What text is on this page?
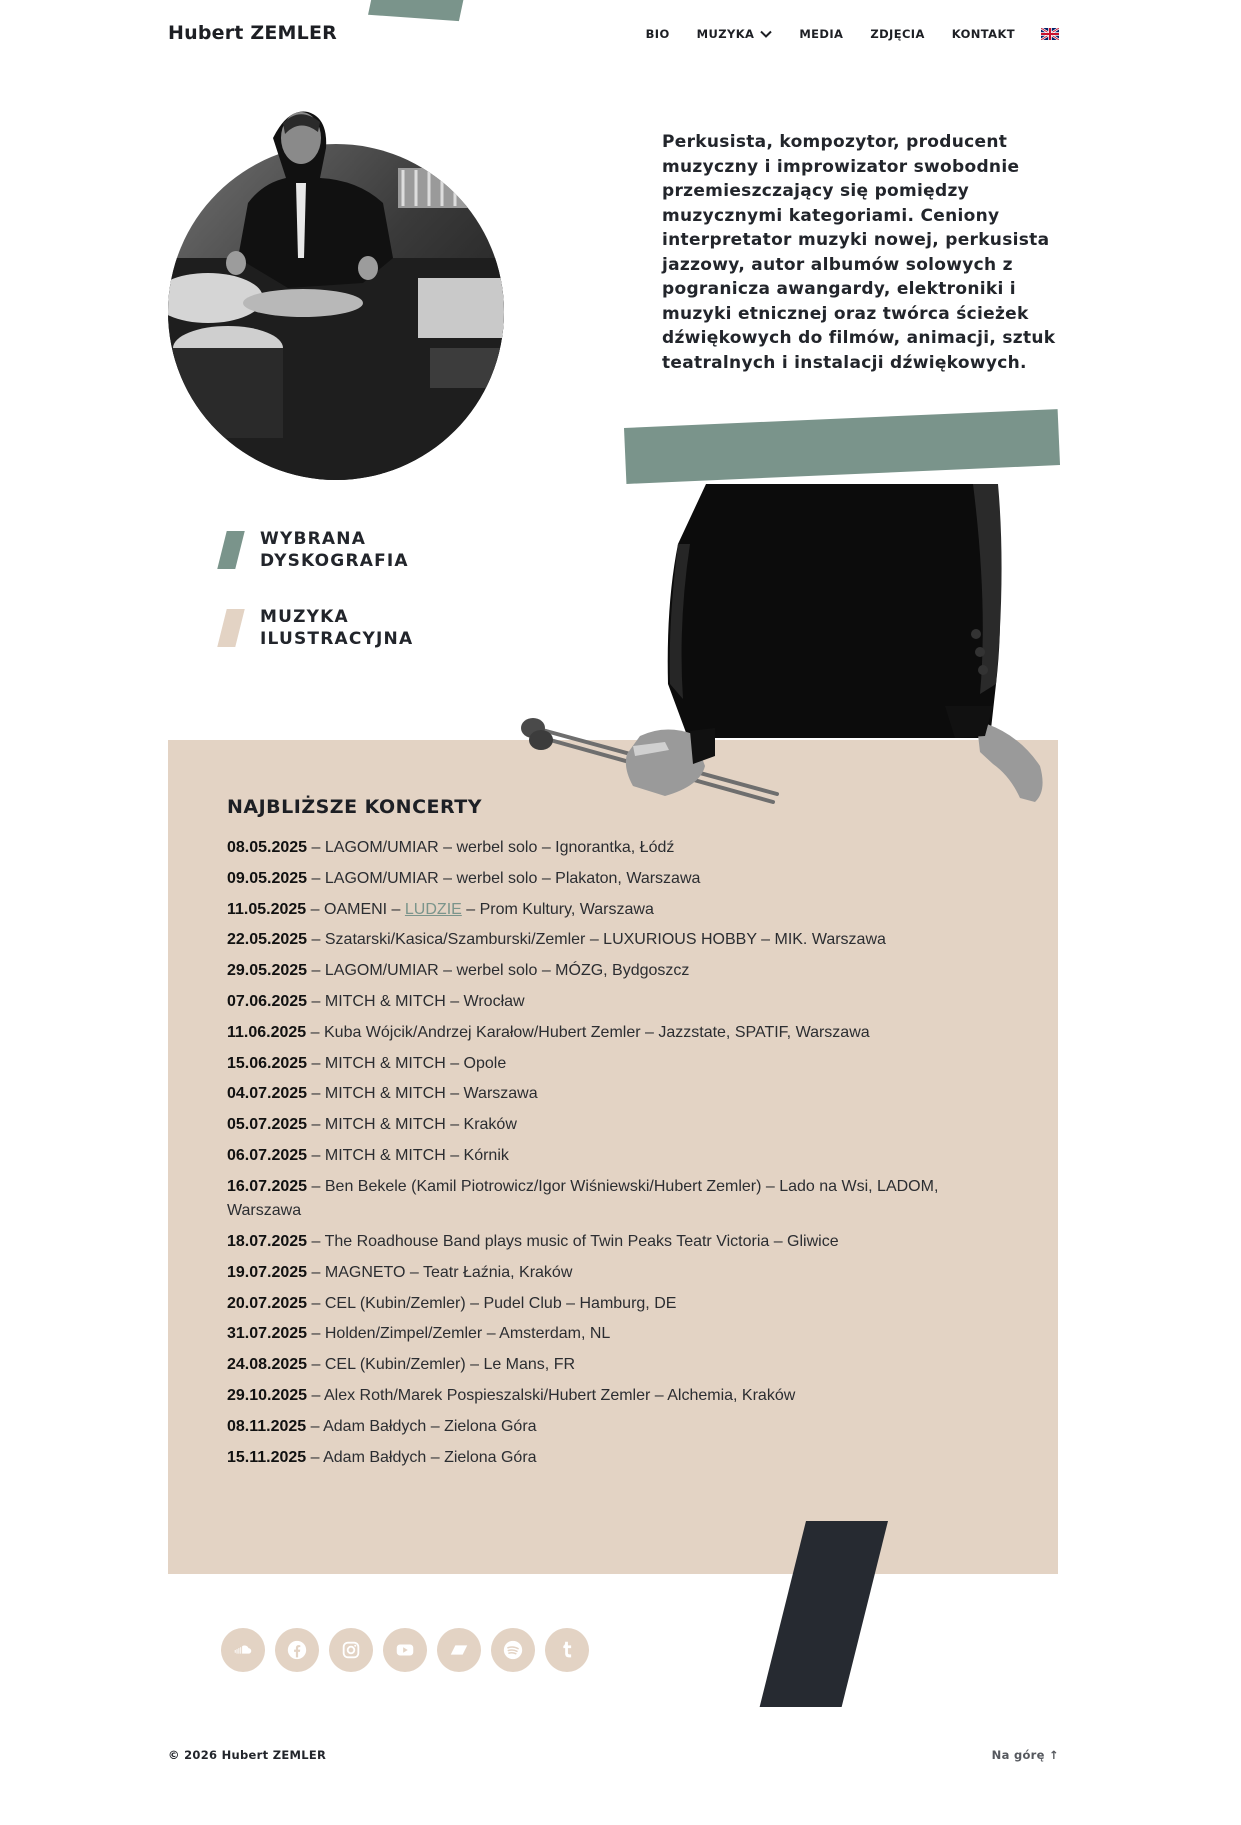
Hubert ZEMLER	BIO MUZYKA	MEDIA ZDJĘCIA KONTAKT

Perkusista, kompozytor, producent muzyczny i improwizator swobodnie przemieszczający się pomiędzy muzycznymi kategoriami. Ceniony interpretator muzyki nowej, perkusista jazzowy, autor albumów solowych z pogranicza awangardy, elektroniki i muzyki etnicznej oraz twórca ścieżek dźwiękowych do filmów, animacji, sztuk teatralnych i instalacji dźwiękowych.

WYBRANA
DYSKOGRAFIA
MUZYKA
ILUSTRACYJNA
NAJBLIŻSZE KONCERTY
08.05.2025 – LAGOM/UMIAR – werbel solo – Ignorantka, Łódź
09.05.2025 – LAGOM/UMIAR – werbel solo – Plakaton, Warszawa
11.05.2025 – OAMENI – LUDZIE – Prom Kultury, Warszawa
22.05.2025 – Szatarski/Kasica/Szamburski/Zemler – LUXURIOUS HOBBY – MIK. Warszawa
29.05.2025 – LAGOM/UMIAR – werbel solo – MÓZG, Bydgoszcz
07.06.2025 – MITCH & MITCH – Wrocław
11.06.2025 – Kuba Wójcik/Andrzej Karałow/Hubert Zemler – Jazzstate, SPATIF, Warszawa
15.06.2025 – MITCH & MITCH – Opole
04.07.2025 – MITCH & MITCH – Warszawa
05.07.2025 – MITCH & MITCH – Kraków
06.07.2025 – MITCH & MITCH – Kórnik
16.07.2025 – Ben Bekele (Kamil Piotrowicz/Igor Wiśniewski/Hubert Zemler) – Lado na Wsi, LADOM, Warszawa
18.07.2025 – The Roadhouse Band plays music of Twin Peaks Teatr Victoria – Gliwice
19.07.2025 – MAGNETO – Teatr Łaźnia, Kraków
20.07.2025 – CEL (Kubin/Zemler) – Pudel Club – Hamburg, DE
31.07.2025 – Holden/Zimpel/Zemler – Amsterdam, NL
24.08.2025 – CEL (Kubin/Zemler) – Le Mans, FR
29.10.2025 – Alex Roth/Marek Pospieszalski/Hubert Zemler – Alchemia, Kraków
08.11.2025 – Adam Bałdych – Zielona Góra
15.11.2025 – Adam Bałdych – Zielona Góra
© 2026 Hubert ZEMLER	Na górę ↑
